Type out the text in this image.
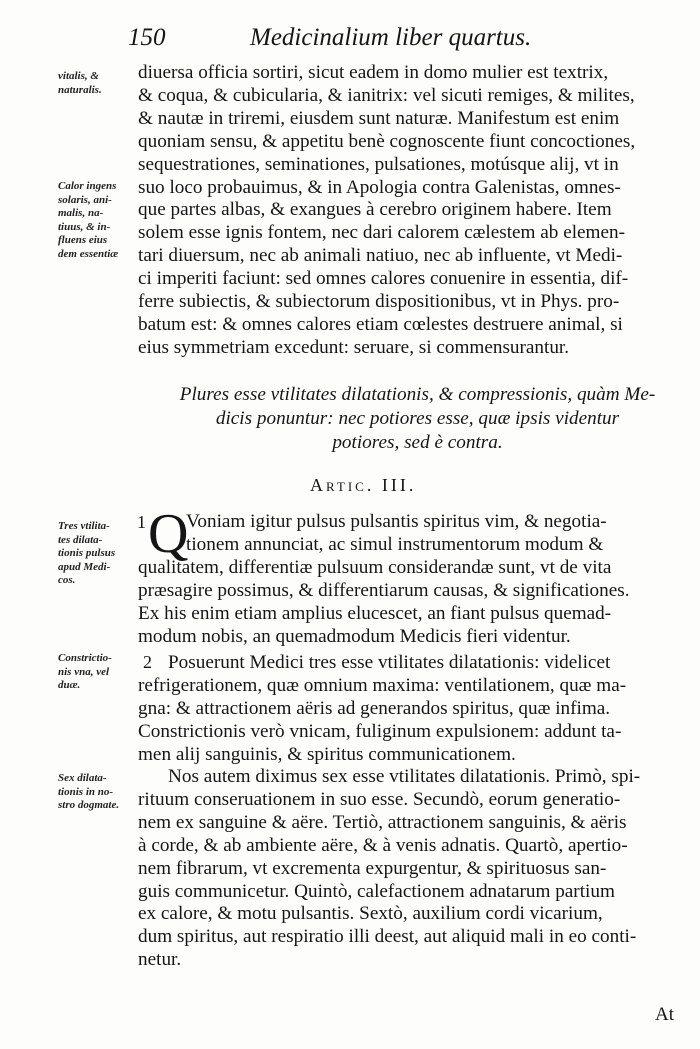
150	Medicinalium liber quartus.
vitalis, &
naturalis.
Calor ingens
solaris, ani-
malis, na-
tiuus, & in-
fluens eius
dem essentiæ
Tres vtilita-
tes dilata-
tionis pulsus
apud Medi-
cos.
Constrictio-
nis vna, vel
duæ.
Sex dilata-
tionis in no-
stro dogmate.
diuersa officia sortiri, sicut eadem in domo mulier est textrix,
& coqua, & cubicularia, & ianitrix: vel sicuti remiges, & milites,
& nautæ in triremi, eiusdem sunt naturæ. Manifestum est enim
quoniam sensu, & appetitu benè cognoscente fiunt concoctiones,
sequestrationes, seminationes, pulsationes, motúsque alij, vt in
suo loco probauimus, & in Apologia contra Galenistas, omnes-
que partes albas, & exangues à cerebro originem habere. Item
solem esse ignis fontem, nec dari calorem cælestem ab elemen-
tari diuersum, nec ab animali natiuo, nec ab influente, vt Medi-
ci imperiti faciunt: sed omnes calores conuenire in essentia, dif-
ferre subiectis, & subiectorum dispositionibus, vt in Phys. pro-
batum est: & omnes calores etiam cœlestes destruere animal, si
eius symmetriam excedunt: seruare, si commensurantur.
Plures esse vtilitates dilatationis, & compressionis, quàm Me-
dicis ponuntur: nec potiores esse, quæ ipsis videntur
potiores, sed è contra.
Artic. III.
1 Q
Voniam igitur pulsus pulsantis spiritus vim, & negotia-
tionem annunciat, ac simul instrumentorum modum &
qualitatem, differentiæ pulsuum considerandæ sunt, vt de vita
præsagire possimus, & differentiarum causas, & significationes.
Ex his enim etiam amplius elucescet, an fiant pulsus quemad-
modum nobis, an quemadmodum Medicis fieri videntur.
2 Posuerunt Medici tres esse vtilitates dilatationis: videlicet
refrigerationem, quæ omnium maxima: ventilationem, quæ ma-
gna: & attractionem aëris ad generandos spiritus, quæ infima.
Constrictionis verò vnicam, fuliginum expulsionem: addunt ta-
men alij sanguinis, & spiritus communicationem.
Nos autem diximus sex esse vtilitates dilatationis. Primò, spi-
rituum conseruationem in suo esse. Secundò, eorum generatio-
nem ex sanguine & aëre. Tertiò, attractionem sanguinis, & aëris
à corde, & ab ambiente aëre, & à venis adnatis. Quartò, apertio-
nem fibrarum, vt excrementa expurgentur, & spirituosus san-
guis communicetur. Quintò, calefactionem adnatarum partium
ex calore, & motu pulsantis. Sextò, auxilium cordi vicarium,
dum spiritus, aut respiratio illi deest, aut aliquid mali in eo conti-
netur.
At
